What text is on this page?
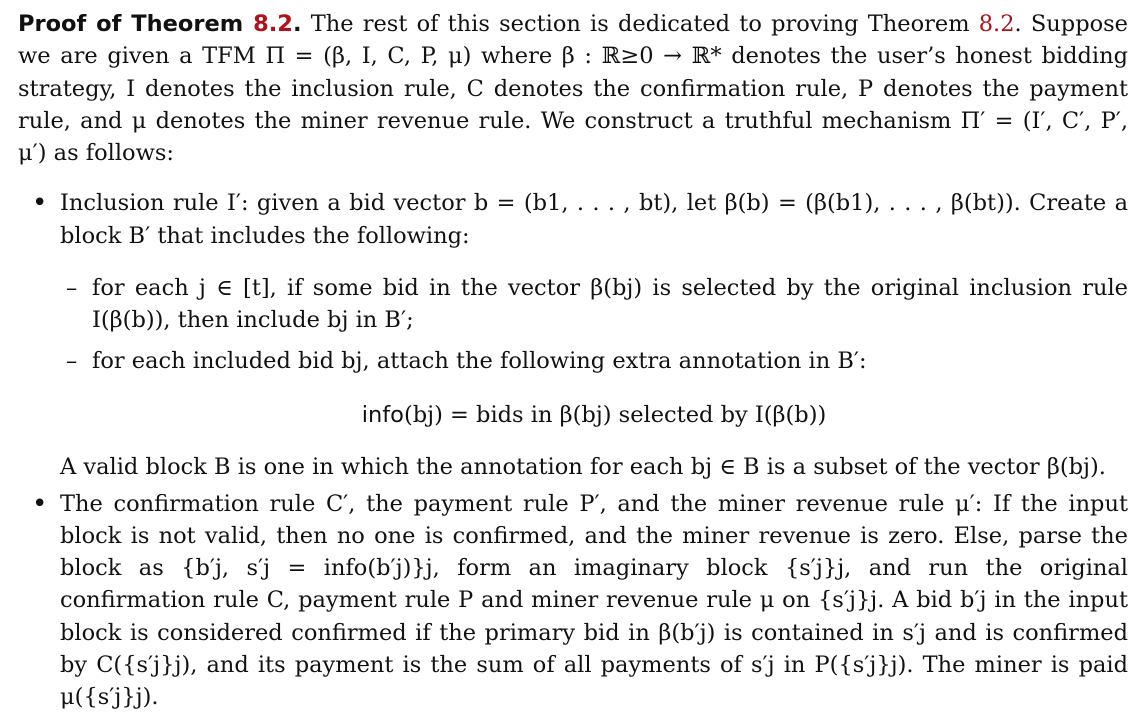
Proof of Theorem 8.2. The rest of this section is dedicated to proving Theorem 8.2. Suppose we are given a TFM Π = (β, I, C, P, μ) where β : ℝ≥0 → ℝ* denotes the user’s honest bidding strategy, I denotes the inclusion rule, C denotes the confirmation rule, P denotes the payment rule, and μ denotes the miner revenue rule. We construct a truthful mechanism Π′ = (I′, C′, P′, μ′) as follows:

• Inclusion rule I′: given a bid vector b = (b1, . . . , bt), let β(b) = (β(b1), . . . , β(bt)). Create a block B′ that includes the following:
– for each j ∈ [t], if some bid in the vector β(bj) is selected by the original inclusion rule I(β(b)), then include bj in B′;
– for each included bid bj, attach the following extra annotation in B′:
info(bj) = bids in β(bj) selected by I(β(b))

A valid block B is one in which the annotation for each bj ∈ B is a subset of the vector β(bj).

• The confirmation rule C′, the payment rule P′, and the miner revenue rule μ′: If the input block is not valid, then no one is confirmed, and the miner revenue is zero. Else, parse the block as {b′j, s′j = info(b′j)}j, form an imaginary block {s′j}j, and run the original confirmation rule C, payment rule P and miner revenue rule μ on {s′j}j. A bid b′j in the input block is considered confirmed if the primary bid in β(b′j) is contained in s′j and is confirmed by C({s′j}j), and its payment is the sum of all payments of s′j in P({s′j}j). The miner is paid μ({s′j}j).
